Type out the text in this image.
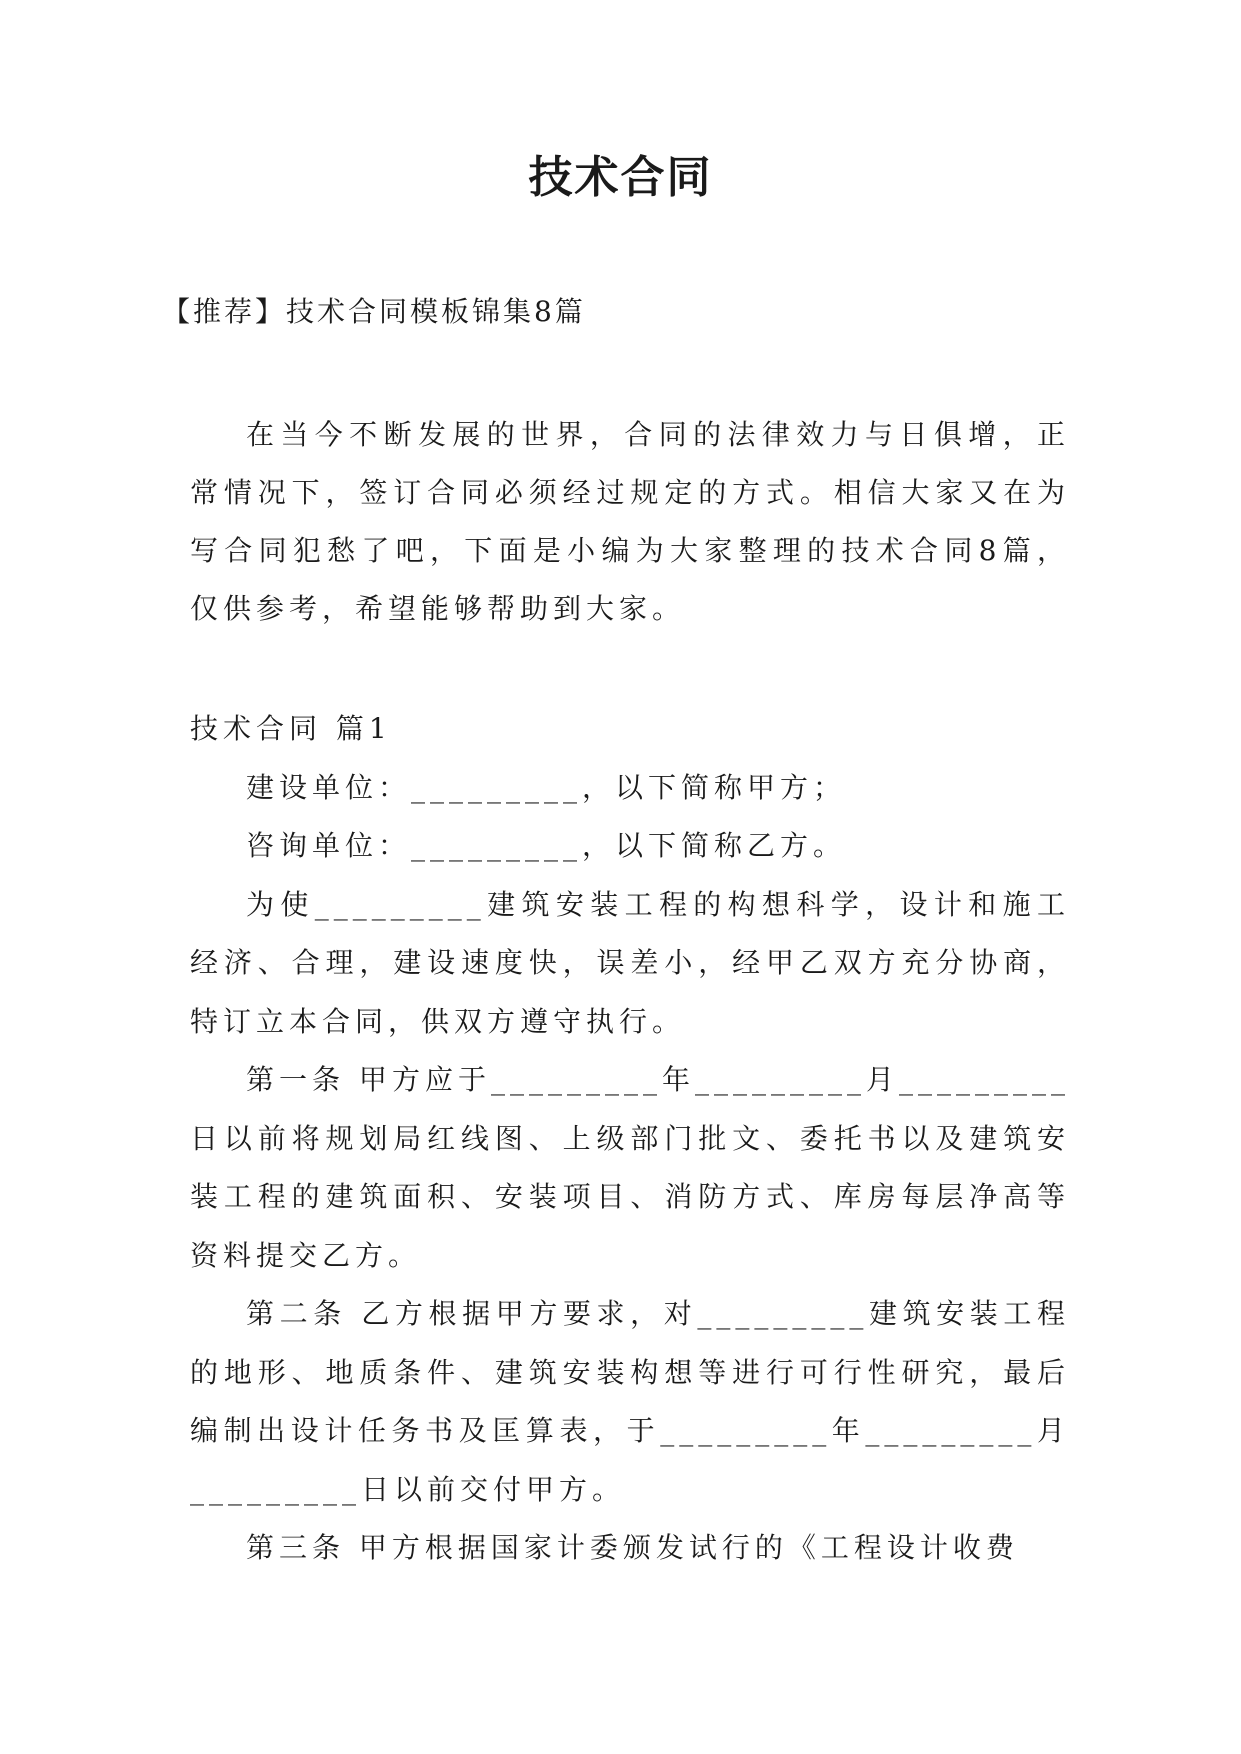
技术合同
【推荐】技术合同模板锦集8篇

在当今不断发展的世界，合同的法律效力与日俱增，正常情况下，签订合同必须经过规定的方式。相信大家又在为写合同犯愁了吧，下面是小编为大家整理的技术合同8篇，仅供参考，希望能够帮助到大家。

技术合同 篇1

建设单位：_________，以下简称甲方；

咨询单位：_________，以下简称乙方。

为使_________建筑安装工程的构想科学，设计和施工经济、合理，建设速度快，误差小，经甲乙双方充分协商，特订立本合同，供双方遵守执行。

第一条 甲方应于_________年_________月_________日以前将规划局红线图、上级部门批文、委托书以及建筑安装工程的建筑面积、安装项目、消防方式、库房每层净高等资料提交乙方。

第二条 乙方根据甲方要求，对_________建筑安装工程的地形、地质条件、建筑安装构想等进行可行性研究，最后编制出设计任务书及匡算表，于_________年_________月_________日以前交付甲方。

第三条 甲方根据国家计委颁发试行的《工程设计收费
